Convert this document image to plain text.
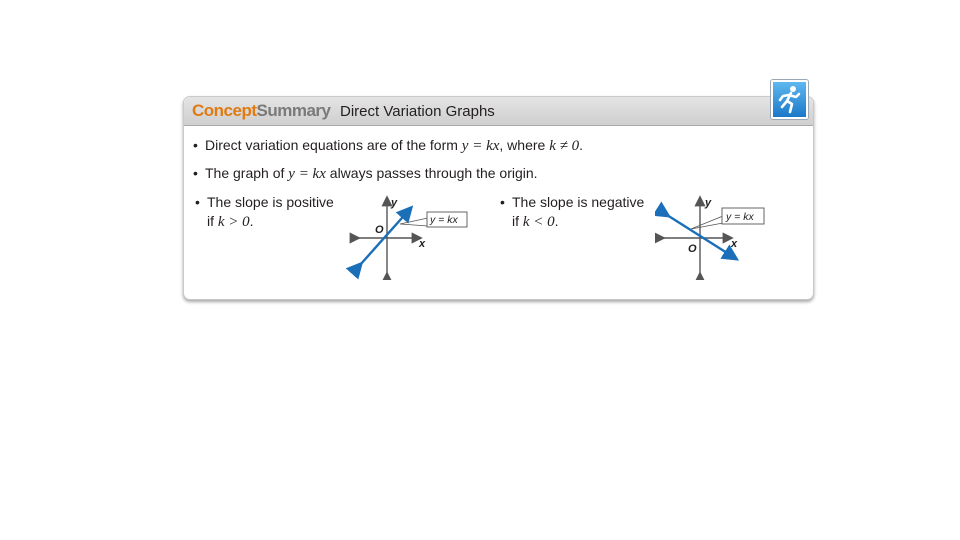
ConceptSummary Direct Variation Graphs
• Direct variation equations are of the form y = kx, where k ≠ 0.
• The graph of y = kx always passes through the origin.
• The slope is positive
if k > 0.
• The slope is negative
if k < 0.
y = kx
y
x
O
y = kx
y
x
O
